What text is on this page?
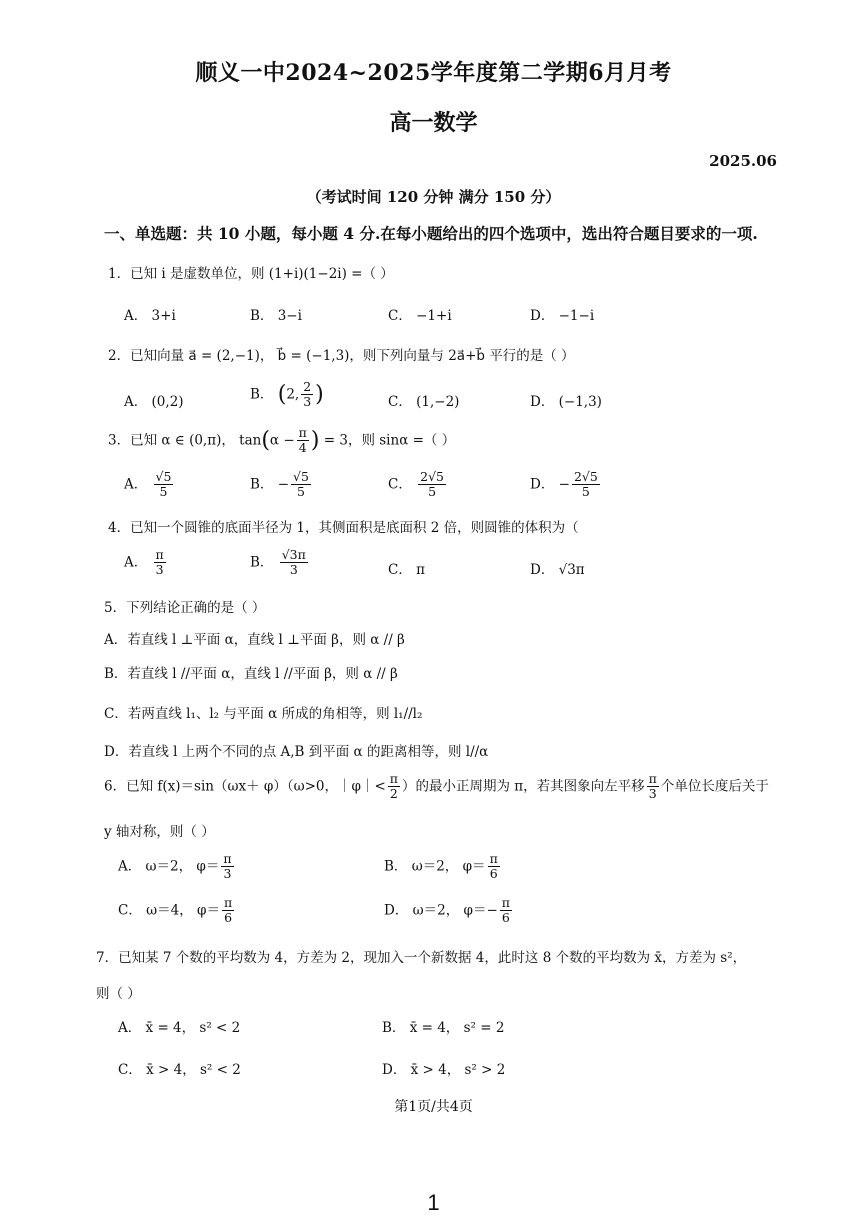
顺义一中2024~2025学年度第二学期6月月考
高一数学
2025.06
（考试时间 120 分钟 满分 150 分）
一、单选题：共 10 小题，每小题 4 分.在每小题给出的四个选项中，选出符合题目要求的一项.
1．已知 i 是虚数单位，则 (1+i)(1−2i) =（ ）
A． 3+i	B． 3−i	C． −1+i	D． −1−i
2．已知向量 a⃗ = (2,−1)， b⃗ = (−1,3)，则下列向量与 2a⃗+b⃗ 平行的是（ ）
A． (0,2)	B． (2, $\frac{2}{3}$ )	C． (1,−2)	D． (−1,3)
3．已知 α ∈ (0,π)， $\tan(\alpha - \frac{\pi}{4}$ ) = 3，则 sinα =（ ）
A． $\frac{√5}{5}$	B． − $\frac{√5}{5}$	C． $\frac{2√5}{5}$	D． − $\frac{2√5}{5}$
4．已知一个圆锥的底面半径为 1，其侧面积是底面积 2 倍，则圆锥的体积为（
A． $\frac{\pi}{3}$	B． $\frac{√3\pi}{3}$	C． π	D． √3π
5．下列结论正确的是（ ）
A．若直线 l ⊥平面 α，直线 l ⊥平面 β，则 α // β
B．若直线 l //平面 α，直线 l //平面 β，则 α // β
C．若两直线 l₁、l₂ 与平面 α 所成的角相等，则 l₁//l₂
D．若直线 l 上两个不同的点 A,B 到平面 α 的距离相等，则 l//α
6．已知 f(x)＝sin（ωx＋ φ）（ω>0，｜φ｜< $\frac{\pi}{2}$ ）的最小正周期为 π，若其图象向左平移 $\frac{\pi}{3}$ 个单位长度后关于
y 轴对称，则（ ）
A． ω＝2， $\varphi= \frac{\pi}{3}$	B． ω＝2， $\varphi= \frac{\pi}{6}$
C． ω＝4， $\varphi= \frac{\pi}{6}$	D． ω＝2， $\varphi=- \frac{\pi}{6}$
7．已知某 7 个数的平均数为 4，方差为 2，现加入一个新数据 4，此时这 8 个数的平均数为 x̄，方差为 s²，
则（ ）
A． x̄ = 4， s² < 2	B． x̄ = 4， s² = 2
C． x̄ > 4， s² < 2	D． x̄ > 4， s² > 2
第1页/共4页
1
